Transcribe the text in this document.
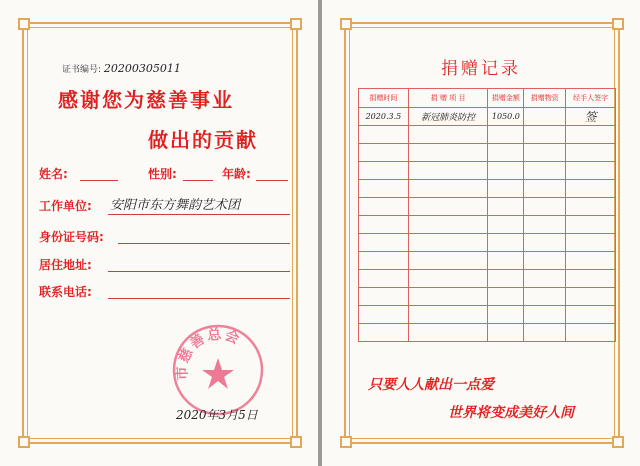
证书编号: 20200305011
感谢您为慈善事业
做出的贡献
姓名:	性别:	年龄:
工作单位: 安阳市东方舞韵艺术团
身份证号码:
居住地址:
联系电话:
市慈善总会
2020年3月5日
捐赠记录
捐赠时间	捐 赠 项 目	捐赠金额	捐赠物资	经手人签字
2020.3.5	新冠肺炎防控	1050.0		签

只要人人献出一点爱
世界将变成美好人间
